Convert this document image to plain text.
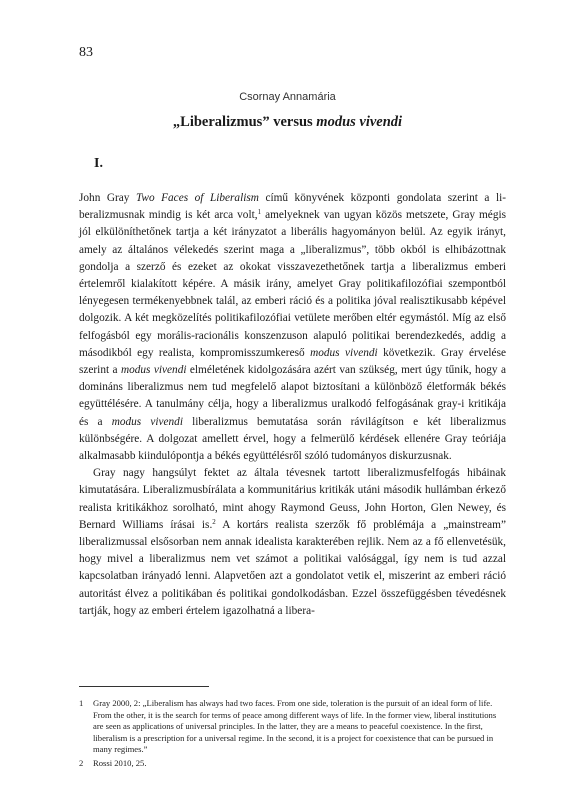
83
Csornay Annamária
„Liberalizmus” versus modus vivendi
I.

John Gray Two Faces of Liberalism című könyvének központi gondolata szerint a liberalizmusnak mindig is két arca volt,$^1$ amelyeknek van ugyan közös metszete, Gray mégis jól elkülöníthetőnek tartja a két irányzatot a liberális hagyományon belül. Az egyik irányt, amely az általános vélekedés szerint maga a „liberalizmus”, több okból is elhibázottnak gondolja a szerző és ezeket az okokat visszavezethetőnek tartja a liberalizmus emberi értelemről kialakított képére. A másik irány, amelyet Gray politikafilozófiai szempontból lényegesen termékenyebbnek talál, az emberi ráció és a politika jóval realisztikusabb képével dolgozik. A két megközelítés politikafilozófiai vetülete merőben eltér egymástól. Míg az első felfogásból egy morális-racionális konszenzuson alapuló politikai berendezkedés, addig a másodikból egy realista, kompromisszumkereső modus vivendi következik. Gray érvelése szerint a modus vivendi elméletének kidolgozására azért van szükség, mert úgy tűnik, hogy a domináns liberalizmus nem tud megfelelő alapot biztosítani a különböző életformák békés együttélésére. A tanulmány célja, hogy a liberalizmus uralkodó felfogásának gray-i kritikája és a modus vivendi liberalizmus bemutatása során rávilágítson e két liberalizmus különbségére. A dolgozat amellett érvel, hogy a felmerülő kérdések ellenére Gray teóriája alkalmasabb kiindulópontja a békés együttélésről szóló tudományos diskurzusnak.

Gray nagy hangsúlyt fektet az általa tévesnek tartott liberalizmusfelfogás hibáinak kimutatására. Liberalizmusbírálata a kommunitárius kritikák utáni második hullámban érkező realista kritikákhoz sorolható, mint ahogy Raymond Geuss, John Horton, Glen Newey, és Bernard Williams írásai is.$^2$ A kortárs realista szerzők fő problémája a „mainstream” liberalizmussal elsősorban nem annak idealista karakterében rejlik. Nem az a fő ellenvetésük, hogy mivel a liberalizmus nem vet számot a politikai valósággal, így nem is tud azzal kapcsolatban irányadó lenni. Alapvetően azt a gondolatot vetik el, miszerint az emberi ráció autoritást élvez a politikában és politikai gondolkodásban. Ezzel összefüggésben tévedésnek tartják, hogy az emberi értelem igazolhatná a libera-

1	Gray 2000, 2: „Liberalism has always had two faces. From one side, toleration is the pursuit of an ideal form of life. From the other, it is the search for terms of peace among different ways of life. In the former view, liberal institutions are seen as applications of universal principles. In the latter, they are a means to peaceful coexistence. In the first, liberalism is a prescription for a universal regime. In the second, it is a project for coexistence that can be pursued in many regimes.”
2	Rossi 2010, 25.
